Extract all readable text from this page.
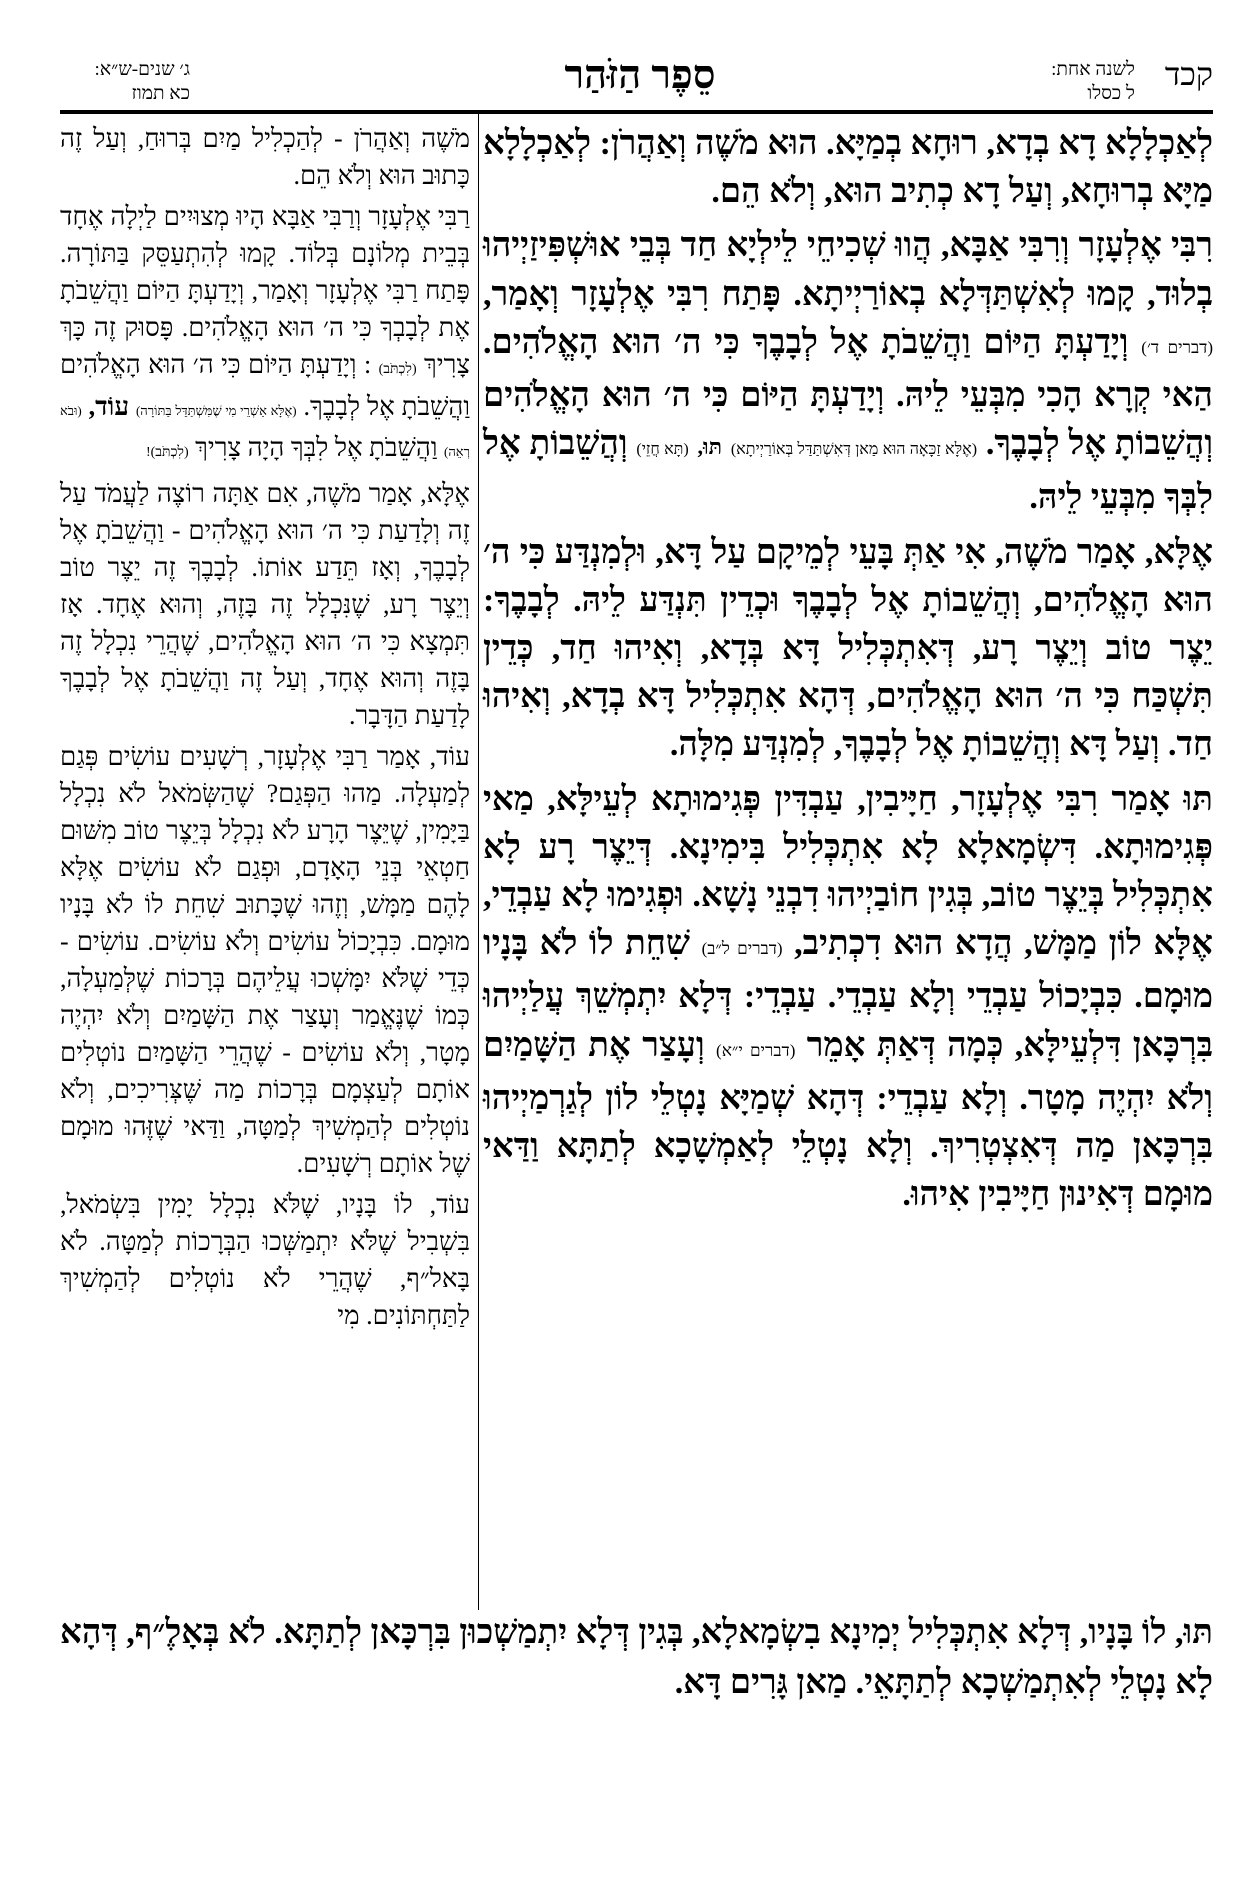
קכד
לשנה אחת:
ל כסלו
סֵפֶר הַזֹּהַר
ג׳ שנים-ש״א:
כא תמוז

לְאַכְלָלָא דָא בְדָא, רוּחָא בְמַיָּא. הוּא מֹשֶׁה וְאַהֲרֹן: לְאַכְלָלָא מַיָּא בְרוּחָא, וְעַל דָא כְתִיב הוּא, וְלֹא הֵם.

רִבִּי אֶלְעָזָר וְרִבִּי אַבָּא, הֲווּ שְׁכִיחֵי לֵילְיָא חַד בְּבֵי אוּשְׁפִּיזַיְיהוּ בְלוּד, קָמוּ לְאִשְׁתַּדְּלָא בְאוֹרַיְיתָא. פָּתַח רִבִּי אֶלְעָזָר וְאָמַר, (דברים ד׳) וְיָדַעְתָּ הַיּוֹם וַהֲשֵׁבֹתָ אֶל לְבָבֶךָ כִּי ה׳ הוּא הָאֱלֹהִים. הַאי קְרָא הָכִי מִבְּעֵי לֵיהּ. וְיָדַעְתָּ הַיּוֹם כִּי ה׳ הוּא הָאֱלֹהִים וְהֲשֵׁבוֹתָ אֶל לְבָבֶךָ. (אֶלָּא זַכָּאָה הוּא מַאן דְּאִשְׁתַּדַּל בְּאוֹרַיְיתָא) תּוּ, (תָּא חֲזֵי) וְהֲשֵׁבוֹתָ אֶל לִבְּךָ מִבְּעֵי לֵיהּ.

אֶלָּא, אָמַר מֹשֶׁה, אִי אַתְּ בָּעֵי לְמֵיקָם עַל דָּא, וּלְמִנְדַּע כִּי ה׳ הוּא הָאֱלֹהִים, וְהֲשֵׁבוֹתָ אֶל לְבָבֶךָ וּכְדֵין תִּנְדַּע לֵיהּ. לְבָבֶךָ: יֵצֶר טוֹב וְיֵצֶר רָע, דְּאִתְכְּלִיל דָּא בְּדָא, וְאִיהוּ חַד, כְּדֵין תִּשְׁכַּח כִּי ה׳ הוּא הָאֱלֹהִים, דְּהָא אִתְכְּלִיל דָּא בְדָא, וְאִיהוּ חַד. וְעַל דָּא וְהֲשֵׁבוֹתָ אֶל לְבָבֶךָ, לְמִנְדַּע מִלָּה.

תּוּ אָמַר רִבִּי אֶלְעָזָר, חַיָּיבִין, עַבְדִּין פְּגִימוּתָא לְעֵילָּא, מַאי פְּגִימוּתָא. דִּשְׂמָאלָא לָא אִתְכְּלִיל בִּימִינָא. דְּיֵצֶר רָע לָא אִתְכְּלִיל בְּיֵצֶר טוֹב, בְּגִין חוֹבַיְיהוּ דִבְנֵי נָשָׁא. וּפְגִימוּ לָא עַבְדֵי, אֶלָּא לוֹן מַמָּשׁ, הֲדָא הוּא דִכְתִיב, (דברים ל״ב) שִׁחֵת לוֹ לֹא בָּנָיו מוּמָם. כִּבְיָכוֹל עַבְדֵי וְלָא עַבְדֵי. עַבְדֵי: דְּלָא יִתְמְשֵׁךְ עֲלַיְיהוּ בִּרְכָּאן דִּלְעֵילָּא, כְּמָה דְּאַתְּ אָמֵר (דברים י״א) וְעָצַר אֶת הַשָּׁמַיִם וְלֹא יִהְיֶה מָטָר. וְלָא עַבְדֵי: דְּהָא שְׁמַיָּא נָטְלֵי לוֹן לְגַרְמַיְיהוּ בִּרְכָּאן מַה דְּאִצְטְרִיךְ. וְלָא נָטְלֵי לְאַמְשָׁכָא לְתַתָּא וַדַּאי מוּמָם דְּאִינוּן חַיָּיבִין אִיהוּ.

מֹשֶׁה וְאַהֲרֹן - לְהַכְלִיל מַיִם בְּרוּחַ, וְעַל זֶה כָּתוּב הוּא וְלֹא הֵם.

רַבִּי אֶלְעָזָר וְרַבִּי אַבָּא הָיוּ מְצוּיִים לַיְלָה אֶחָד בְּבֵית מְלוֹנָם בְּלוֹד. קָמוּ לְהִתְעַסֵּק בַּתּוֹרָה. פָּתַח רַבִּי אֶלְעָזָר וְאָמַר, וְיָדַעְתָּ הַיּוֹם וַהֲשֵׁבֹתָ אֶת לְבָבְךָ כִּי ה׳ הוּא הָאֱלֹהִים. פָּסוּק זֶה כָּךְ צָרִיךְ (לִכְתֹּב) : וְיָדַעְתָּ הַיּוֹם כִּי ה׳ הוּא הָאֱלֹהִים וַהֲשֵׁבֹתָ אֶל לְבָבֶךָ. (אֶלָּא אַשְׁרֵי מִי שֶׁמִּשְׁתַּדֵּל בַּתּוֹרָה) עוֹד, (וּבֹא רְאֵה) וַהֲשֵׁבֹתָ אֶל לִבְּךָ הָיָה צָרִיךְ (לִכְתֹּב)!

אֶלָּא, אָמַר מֹשֶׁה, אִם אַתָּה רוֹצֶה לַעֲמֹד עַל זֶה וְלָדַעַת כִּי ה׳ הוּא הָאֱלֹהִים - וַהֲשֵׁבֹתָ אֶל לְבָבֶךָ, וְאָז תֵּדַע אוֹתוֹ. לְבָבֶךָ זֶה יֵצֶר טוֹב וְיֵצֶר רָע, שֶׁנִּכְלָל זֶה בָּזֶה, וְהוּא אֶחָד. אָז תִּמְצָא כִּי ה׳ הוּא הָאֱלֹהִים, שֶׁהֲרֵי נִכְלָל זֶה בָּזֶה וְהוּא אֶחָד, וְעַל זֶה וַהֲשֵׁבֹתָ אֶל לְבָבֶךָ לָדַעַת הַדָּבָר.

עוֹד, אָמַר רַבִּי אֶלְעָזָר, רְשָׁעִים עוֹשִׂים פְּגַם לְמַעְלָה. מַהוּ הַפְּגַם? שֶׁהַשְּׂמֹאל לֹא נִכְלָל בַּיָּמִין, שֶׁיֵּצֶר הָרָע לֹא נִכְלָל בְּיֵצֶר טוֹב מִשּׁוּם חַטְאֵי בְּנֵי הָאָדָם, וּפְגַם לֹא עוֹשִׂים אֶלָּא לָהֶם מַמָּשׁ, וְזֶהוּ שֶׁכָּתוּב שִׁחֵת לוֹ לֹא בָּנָיו מוּמָם. כִּבְיָכוֹל עוֹשִׂים וְלֹא עוֹשִׂים. עוֹשִׂים - כְּדֵי שֶׁלֹּא יִמָּשְׁכוּ עֲלֵיהֶם בְּרָכוֹת שֶׁלְּמַעְלָה, כְּמוֹ שֶׁנֶּאֱמַר וְעָצַר אֶת הַשָּׁמַיִם וְלֹא יִהְיֶה מָטָר, וְלֹא עוֹשִׂים - שֶׁהֲרֵי הַשָּׁמַיִם נוֹטְלִים אוֹתָם לְעַצְמָם בְּרָכוֹת מַה שֶּׁצְּרִיכִים, וְלֹא נוֹטְלִים לְהַמְשִׁיךְ לְמַטָּה, וַדַּאי שֶׁזֶּהוּ מוּמָם שֶׁל אוֹתָם רְשָׁעִים.

עוֹד, לוֹ בָּנָיו, שֶׁלֹּא נִכְלָל יָמִין בִּשְׂמֹאל, בִּשְׁבִיל שֶׁלֹּא יִתְמַשְּׁכוּ הַבְּרָכוֹת לְמַטָּה. לֹא בָּאל״ף, שֶׁהֲרֵי לֹא נוֹטְלִים לְהַמְשִׁיךְ לַתַּחְתּוֹנִים. מִי

תּוּ, לוֹ בָּנָיו, דְּלָא אִתְכְּלִיל יְמִינָא בִשְׂמָאלָא, בְּגִין דְּלָא יִתְמַשְׁכוּן בִּרְכָּאן לְתַתָּא. לֹא בְּאָלֶ״ף, דְּהָא לָא נָטְלֵי לְאִתְמַשְׁכָא לְתַתָּאֵי. מַאן גָּרִים דָּא.
